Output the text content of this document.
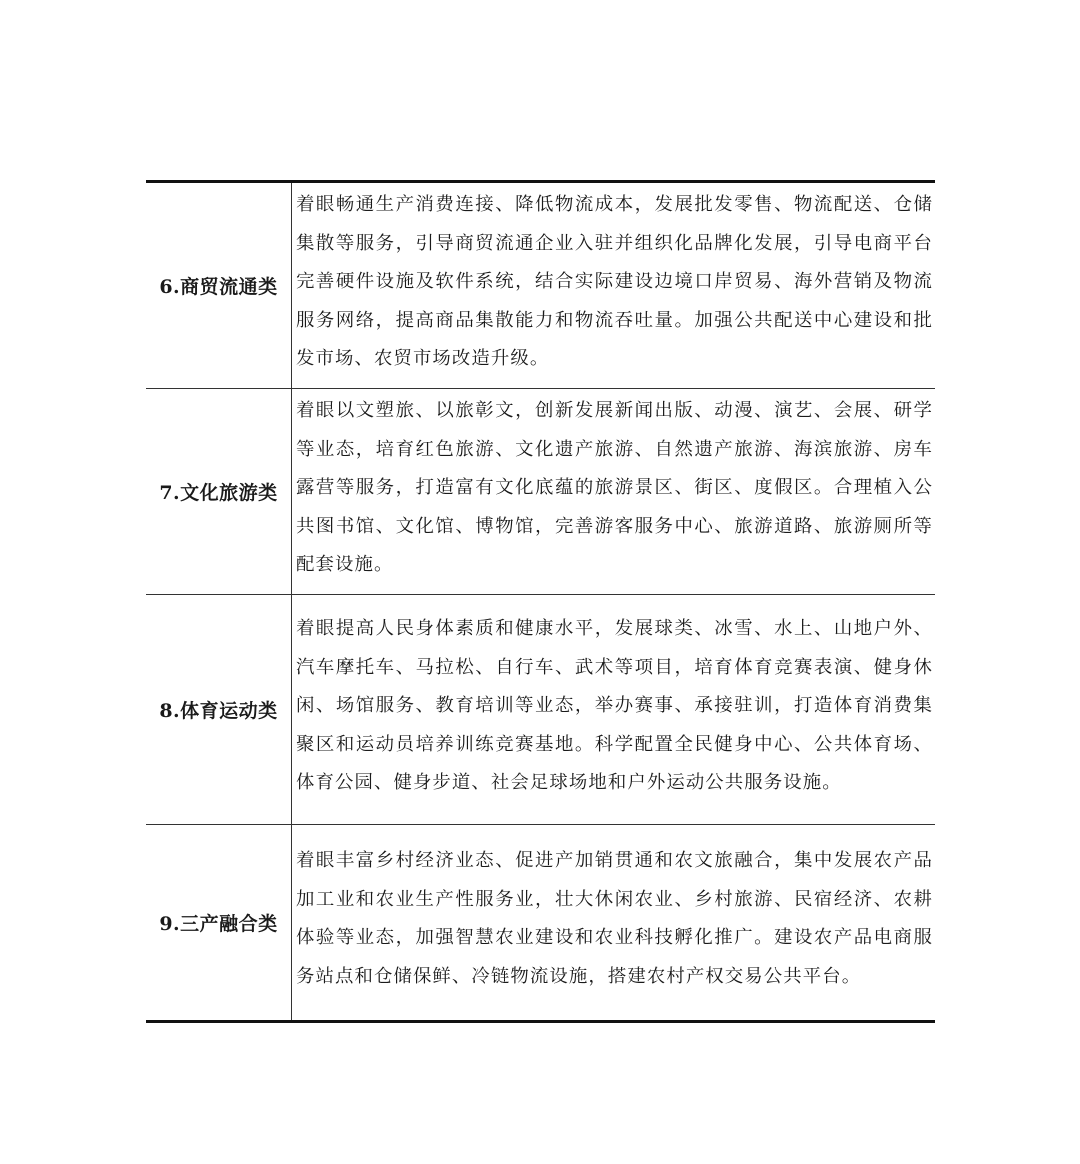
6.商贸流通类	着眼畅通生产消费连接、降低物流成本，发展批发零售、物流配送、仓储集散等服务，引导商贸流通企业入驻并组织化品牌化发展，引导电商平台完善硬件设施及软件系统，结合实际建设边境口岸贸易、海外营销及物流服务网络，提高商品集散能力和物流吞吐量。加强公共配送中心建设和批发市场、农贸市场改造升级。
7.文化旅游类	着眼以文塑旅、以旅彰文，创新发展新闻出版、动漫、演艺、会展、研学等业态，培育红色旅游、文化遗产旅游、自然遗产旅游、海滨旅游、房车露营等服务，打造富有文化底蕴的旅游景区、街区、度假区。合理植入公共图书馆、文化馆、博物馆，完善游客服务中心、旅游道路、旅游厕所等配套设施。
8.体育运动类	着眼提高人民身体素质和健康水平，发展球类、冰雪、水上、山地户外、汽车摩托车、马拉松、自行车、武术等项目，培育体育竞赛表演、健身休闲、场馆服务、教育培训等业态，举办赛事、承接驻训，打造体育消费集聚区和运动员培养训练竞赛基地。科学配置全民健身中心、公共体育场、体育公园、健身步道、社会足球场地和户外运动公共服务设施。
9.三产融合类	着眼丰富乡村经济业态、促进产加销贯通和农文旅融合，集中发展农产品加工业和农业生产性服务业，壮大休闲农业、乡村旅游、民宿经济、农耕体验等业态，加强智慧农业建设和农业科技孵化推广。建设农产品电商服务站点和仓储保鲜、冷链物流设施，搭建农村产权交易公共平台。
